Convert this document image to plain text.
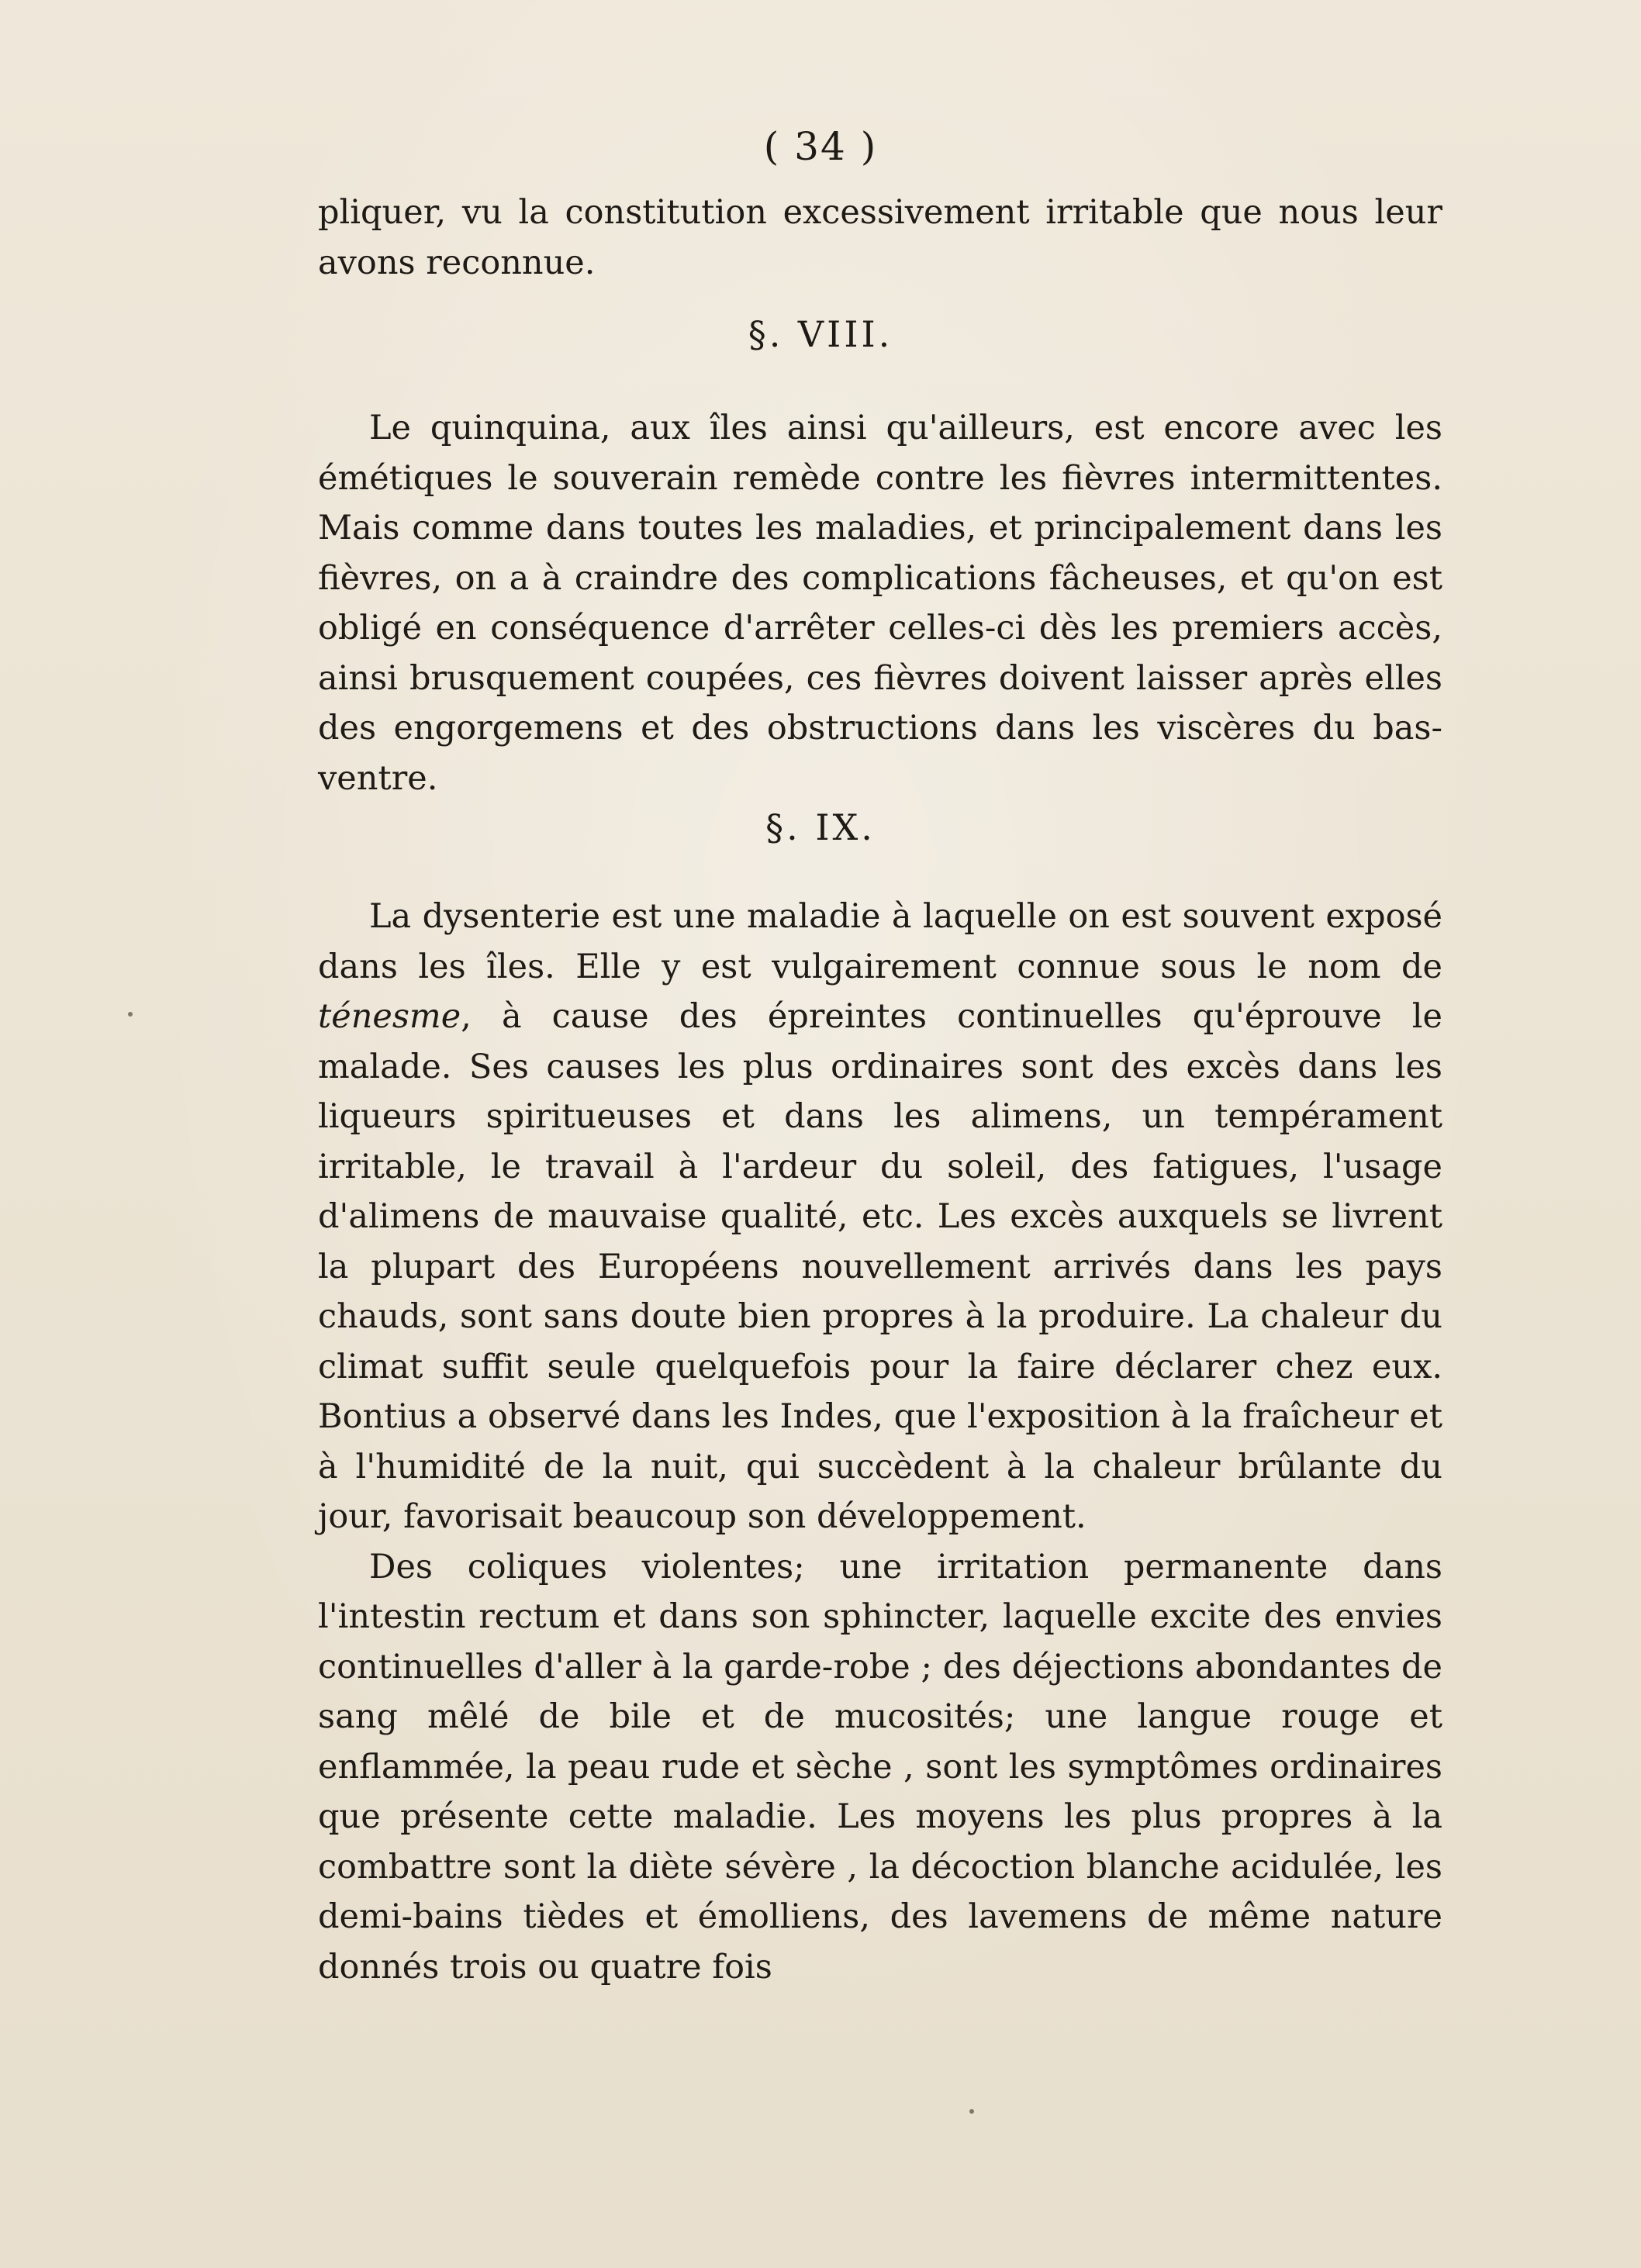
( 34 )

pliquer, vu la constitution excessivement irritable que nous leur avons reconnue.

§. VIII.

Le quinquina, aux îles ainsi qu'ailleurs, est encore avec les émétiques le souverain remède contre les fièvres intermittentes. Mais comme dans toutes les maladies, et principalement dans les fièvres, on a à craindre des complications fâcheuses, et qu'on est obligé en conséquence d'arrêter celles-ci dès les premiers accès, ainsi brusquement coupées, ces fièvres doivent laisser après elles des engorgemens et des obstructions dans les viscères du bas-ventre.

§. IX.

La dysenterie est une maladie à laquelle on est souvent exposé dans les îles. Elle y est vulgairement connue sous le nom de ténesme, à cause des épreintes continuelles qu'éprouve le malade. Ses causes les plus ordinaires sont des excès dans les liqueurs spiritueuses et dans les alimens, un tempérament irritable, le travail à l'ardeur du soleil, des fatigues, l'usage d'alimens de mauvaise qualité, etc. Les excès auxquels se livrent la plupart des Européens nouvellement arrivés dans les pays chauds, sont sans doute bien propres à la produire. La chaleur du climat suffit seule quelquefois pour la faire déclarer chez eux. Bontius a observé dans les Indes, que l'exposition à la fraîcheur et à l'humidité de la nuit, qui succèdent à la chaleur brûlante du jour, favorisait beaucoup son développement.

Des coliques violentes; une irritation permanente dans l'intestin rectum et dans son sphincter, laquelle excite des envies continuelles d'aller à la garde-robe ; des déjections abondantes de sang mêlé de bile et de mucosités; une langue rouge et enflammée, la peau rude et sèche , sont les symptômes ordinaires que présente cette maladie. Les moyens les plus propres à la combattre sont la diète sévère , la décoction blanche acidulée, les demi-bains tièdes et émolliens, des lavemens de même nature donnés trois ou quatre fois
